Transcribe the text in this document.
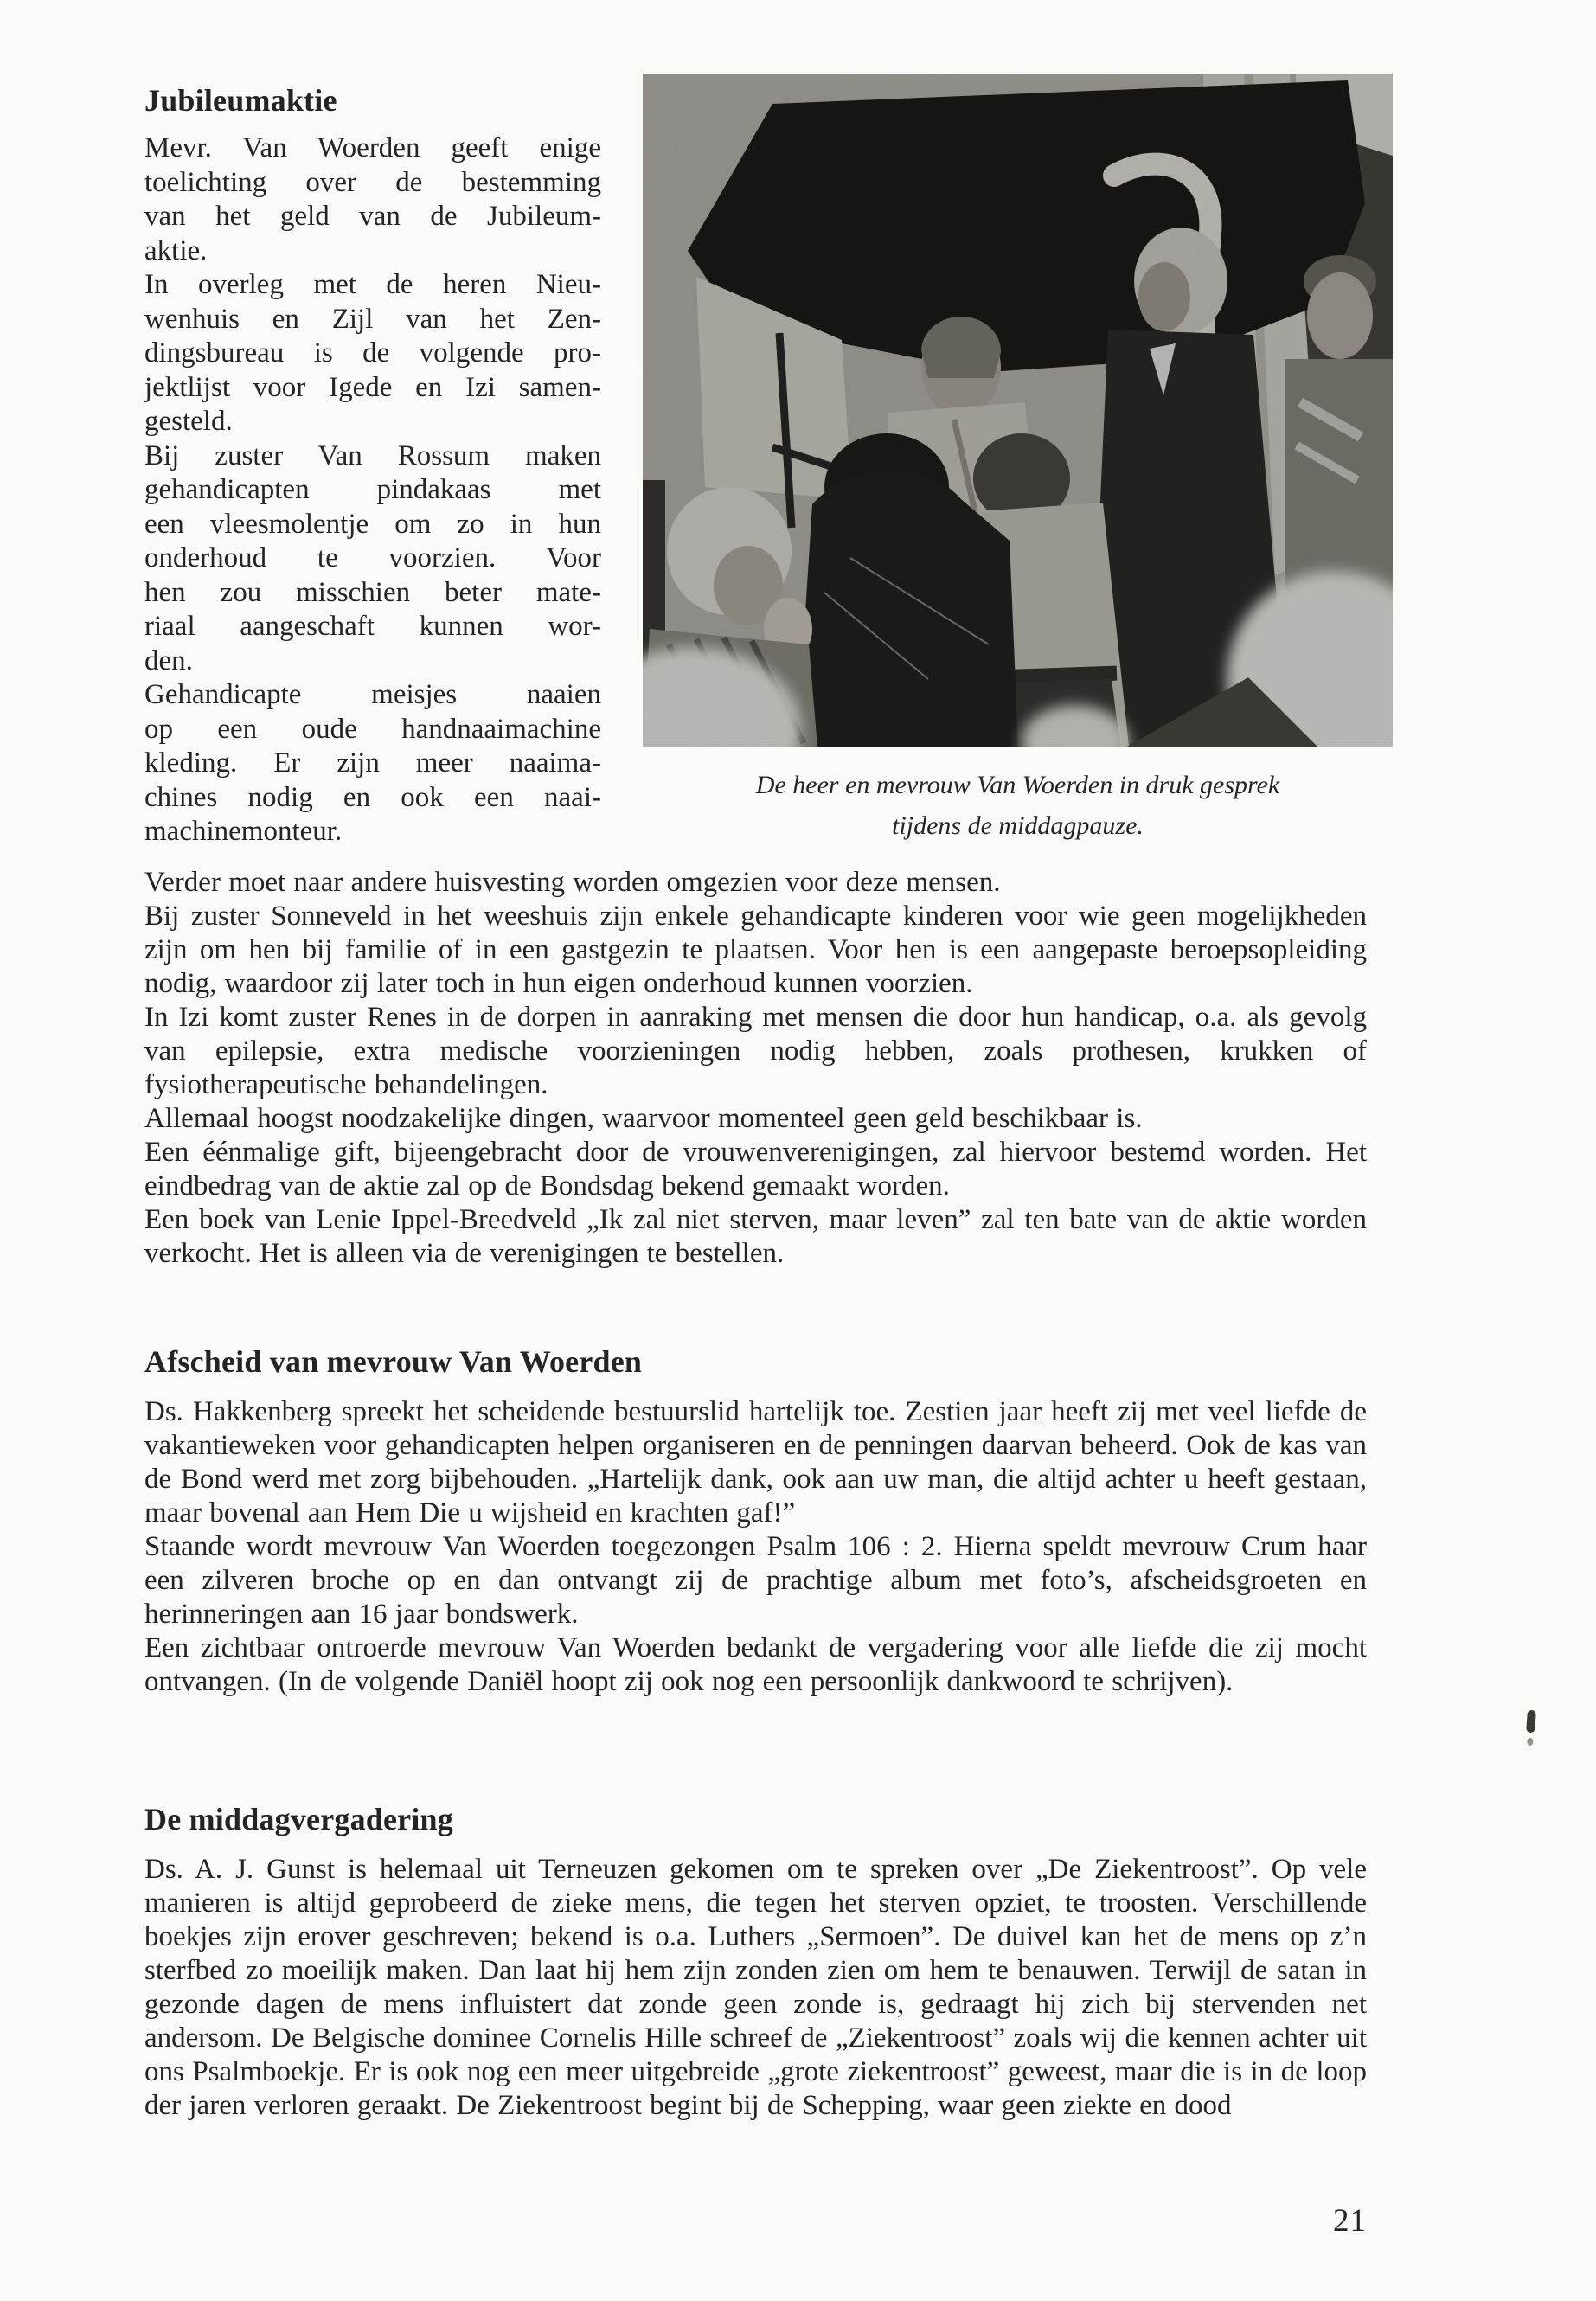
Jubileumaktie
Mevr. Van Woerden geeft enige
toelichting over de bestemming
van het geld van de Jubileum-
aktie.
In overleg met de heren Nieu-
wenhuis en Zijl van het Zen-
dingsbureau is de volgende pro-
jektlijst voor Igede en Izi samen-
gesteld.
Bij zuster Van Rossum maken
gehandicapten pindakaas met
een vleesmolentje om zo in hun
onderhoud te voorzien. Voor
hen zou misschien beter mate-
riaal aangeschaft kunnen wor-
den.
Gehandicapte meisjes naaien
op een oude handnaaimachine
kleding. Er zijn meer naaima-
chines nodig en ook een naai-
machinemonteur.
De heer en mevrouw Van Woerden in druk gesprek
tijdens de middagpauze.

Verder moet naar andere huisvesting worden omgezien voor deze mensen.

Bij zuster Sonneveld in het weeshuis zijn enkele gehandicapte kinderen voor wie geen mogelijkheden zijn om hen bij familie of in een gastgezin te plaatsen. Voor hen is een aangepaste beroepsopleiding nodig, waardoor zij later toch in hun eigen onderhoud kunnen voorzien.

In Izi komt zuster Renes in de dorpen in aanraking met mensen die door hun handicap, o.a. als gevolg van epilepsie, extra medische voorzieningen nodig hebben, zoals prothesen, krukken of fysiotherapeutische behandelingen.

Allemaal hoogst noodzakelijke dingen, waarvoor momenteel geen geld beschikbaar is.

Een éénmalige gift, bijeengebracht door de vrouwenverenigingen, zal hiervoor bestemd worden. Het eindbedrag van de aktie zal op de Bondsdag bekend gemaakt worden.

Een boek van Lenie Ippel-Breedveld „Ik zal niet sterven, maar leven” zal ten bate van de aktie worden verkocht. Het is alleen via de verenigingen te bestellen.

Afscheid van mevrouw Van Woerden

Ds. Hakkenberg spreekt het scheidende bestuurslid hartelijk toe. Zestien jaar heeft zij met veel liefde de vakantieweken voor gehandicapten helpen organiseren en de penningen daarvan beheerd. Ook de kas van de Bond werd met zorg bijbehouden. „Hartelijk dank, ook aan uw man, die altijd achter u heeft gestaan, maar bovenal aan Hem Die u wijsheid en krachten gaf!”

Staande wordt mevrouw Van Woerden toegezongen Psalm 106 : 2. Hierna speldt mevrouw Crum haar een zilveren broche op en dan ontvangt zij de prachtige album met foto’s, afscheidsgroeten en herinneringen aan 16 jaar bondswerk.

Een zichtbaar ontroerde mevrouw Van Woerden bedankt de vergadering voor alle liefde die zij mocht ontvangen. (In de volgende Daniël hoopt zij ook nog een persoonlijk dankwoord te schrijven).

De middagvergadering

Ds. A. J. Gunst is helemaal uit Terneuzen gekomen om te spreken over „De Ziekentroost”. Op vele manieren is altijd geprobeerd de zieke mens, die tegen het sterven opziet, te troosten. Verschillende boekjes zijn erover geschreven; bekend is o.a. Luthers „Sermoen”. De duivel kan het de mens op z’n sterfbed zo moeilijk maken. Dan laat hij hem zijn zonden zien om hem te benauwen. Terwijl de satan in gezonde dagen de mens influistert dat zonde geen zonde is, gedraagt hij zich bij stervenden net andersom. De Belgische dominee Cornelis Hille schreef de „Ziekentroost” zoals wij die kennen achter uit ons Psalmboekje. Er is ook nog een meer uitgebreide „grote ziekentroost” geweest, maar die is in de loop der jaren verloren geraakt. De Ziekentroost begint bij de Schepping, waar geen ziekte en dood

21
